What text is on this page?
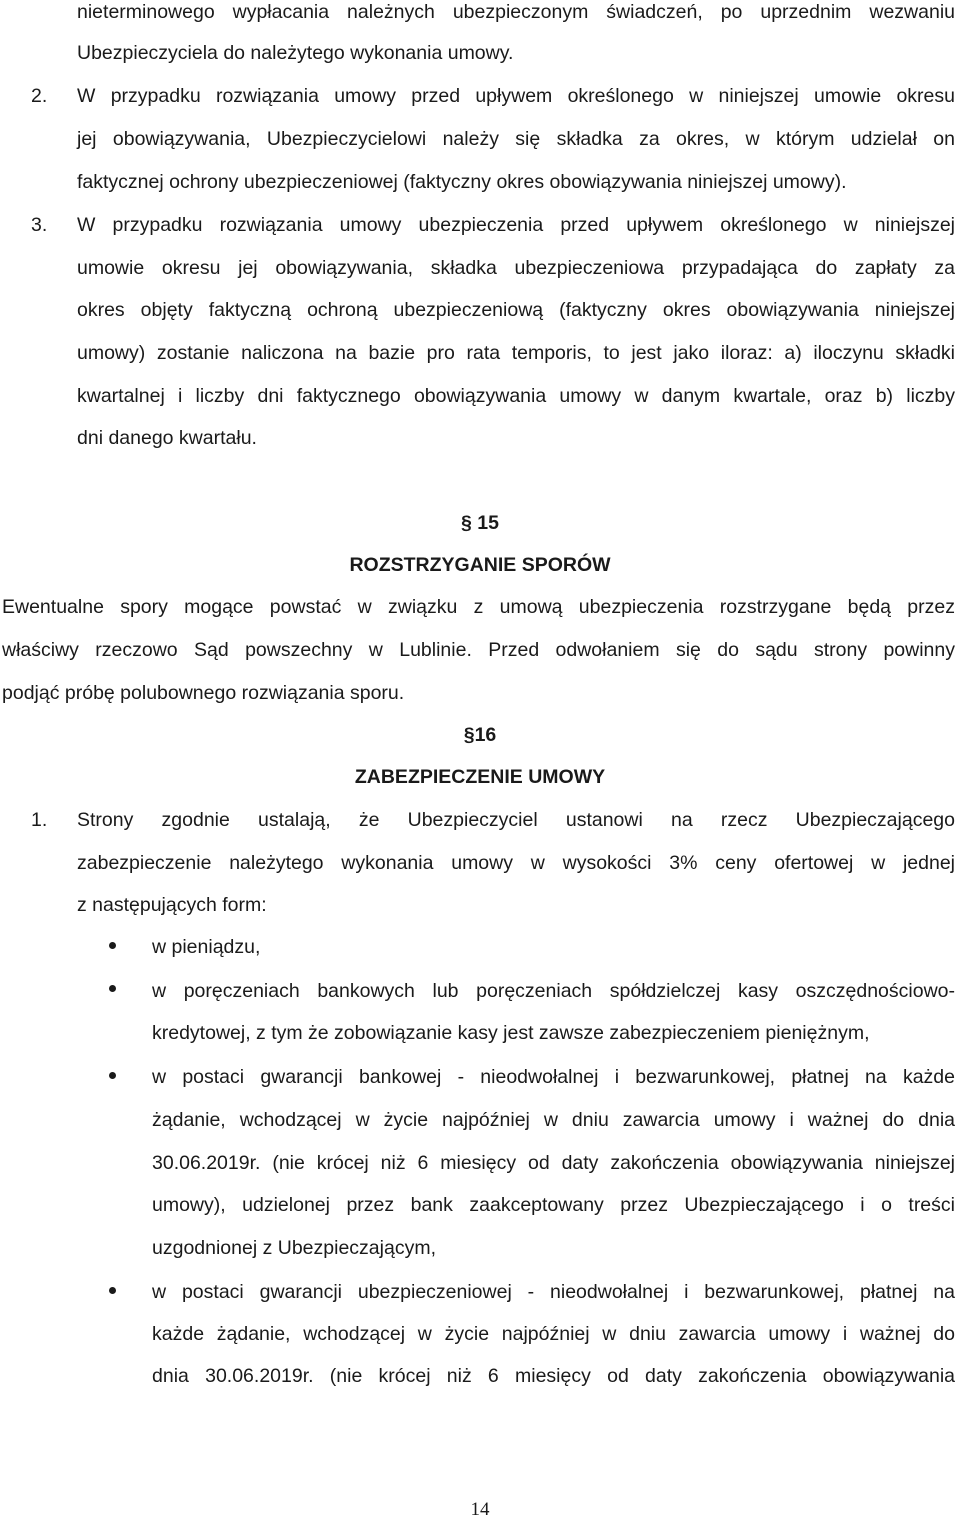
nieterminowego wypłacania należnych ubezpieczonym świadczeń, po uprzednim wezwaniu
Ubezpieczyciela do należytego wykonania umowy.
2. W przypadku rozwiązania umowy przed upływem określonego w niniejszej umowie okresu
jej obowiązywania, Ubezpieczycielowi należy się składka za okres, w którym udzielał on
faktycznej ochrony ubezpieczeniowej (faktyczny okres obowiązywania niniejszej umowy).
3. W przypadku rozwiązania umowy ubezpieczenia przed upływem określonego w niniejszej
umowie okresu jej obowiązywania, składka ubezpieczeniowa przypadająca do zapłaty za
okres objęty faktyczną ochroną ubezpieczeniową (faktyczny okres obowiązywania niniejszej
umowy) zostanie naliczona na bazie pro rata temporis, to jest jako iloraz: a) iloczynu składki
kwartalnej i liczby dni faktycznego obowiązywania umowy w danym kwartale, oraz b) liczby
dni danego kwartału.
§ 15
ROZSTRZYGANIE SPORÓW
Ewentualne spory mogące powstać w związku z umową ubezpieczenia rozstrzygane będą przez
właściwy rzeczowo Sąd powszechny w Lublinie. Przed odwołaniem się do sądu strony powinny
podjąć próbę polubownego rozwiązania sporu.
§16
ZABEZPIECZENIE UMOWY
1. Strony zgodnie ustalają, że Ubezpieczyciel ustanowi na rzecz Ubezpieczającego
zabezpieczenie należytego wykonania umowy w wysokości 3% ceny ofertowej w jednej
z następujących form:
w pieniądzu,
w poręczeniach bankowych lub poręczeniach spółdzielczej kasy oszczędnościowo-
kredytowej, z tym że zobowiązanie kasy jest zawsze zabezpieczeniem pieniężnym,
w postaci gwarancji bankowej - nieodwołalnej i bezwarunkowej, płatnej na każde
żądanie, wchodzącej w życie najpóźniej w dniu zawarcia umowy i ważnej do dnia
30.06.2019r. (nie krócej niż 6 miesięcy od daty zakończenia obowiązywania niniejszej
umowy), udzielonej przez bank zaakceptowany przez Ubezpieczającego i o treści
uzgodnionej z Ubezpieczającym,
w postaci gwarancji ubezpieczeniowej - nieodwołalnej i bezwarunkowej, płatnej na
każde żądanie, wchodzącej w życie najpóźniej w dniu zawarcia umowy i ważnej do
dnia 30.06.2019r. (nie krócej niż 6 miesięcy od daty zakończenia obowiązywania
14
